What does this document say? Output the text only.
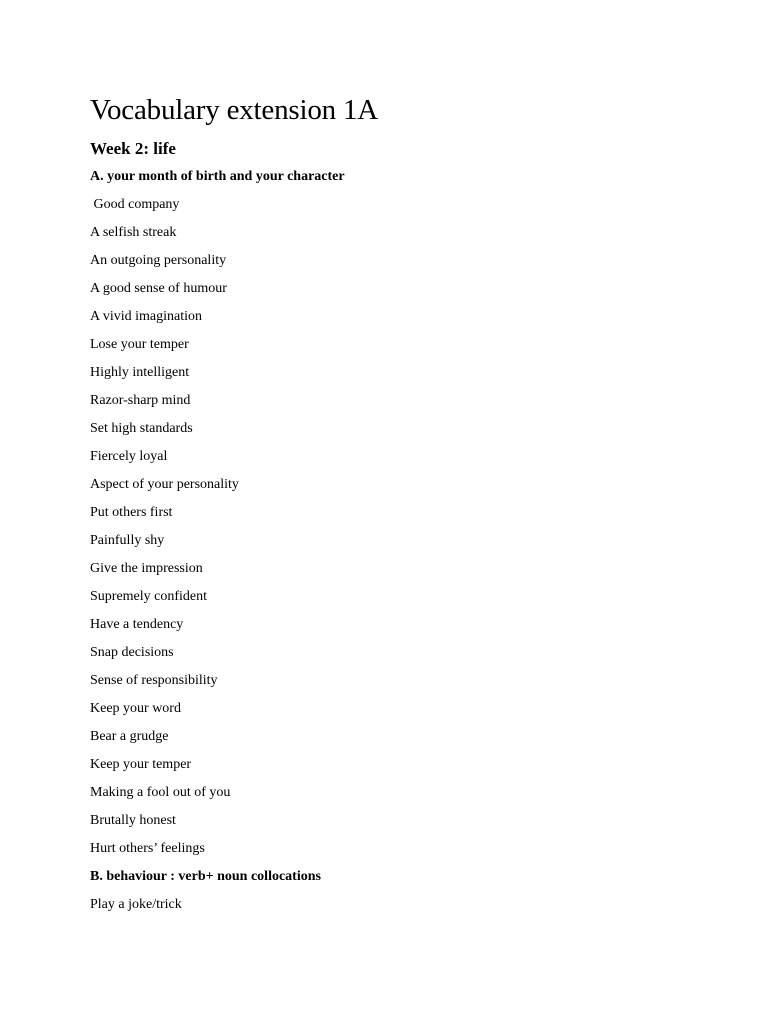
Vocabulary extension 1A
Week 2: life
A. your month of birth and your character
Good company
A selfish streak
An outgoing personality
A good sense of humour
A vivid imagination
Lose your temper
Highly intelligent
Razor-sharp mind
Set high standards
Fiercely loyal
Aspect of your personality
Put others first
Painfully shy
Give the impression
Supremely confident
Have a tendency
Snap decisions
Sense of responsibility
Keep your word
Bear a grudge
Keep your temper
Making a fool out of you
Brutally honest
Hurt others’ feelings
B. behaviour : verb+ noun collocations
Play a joke/trick
